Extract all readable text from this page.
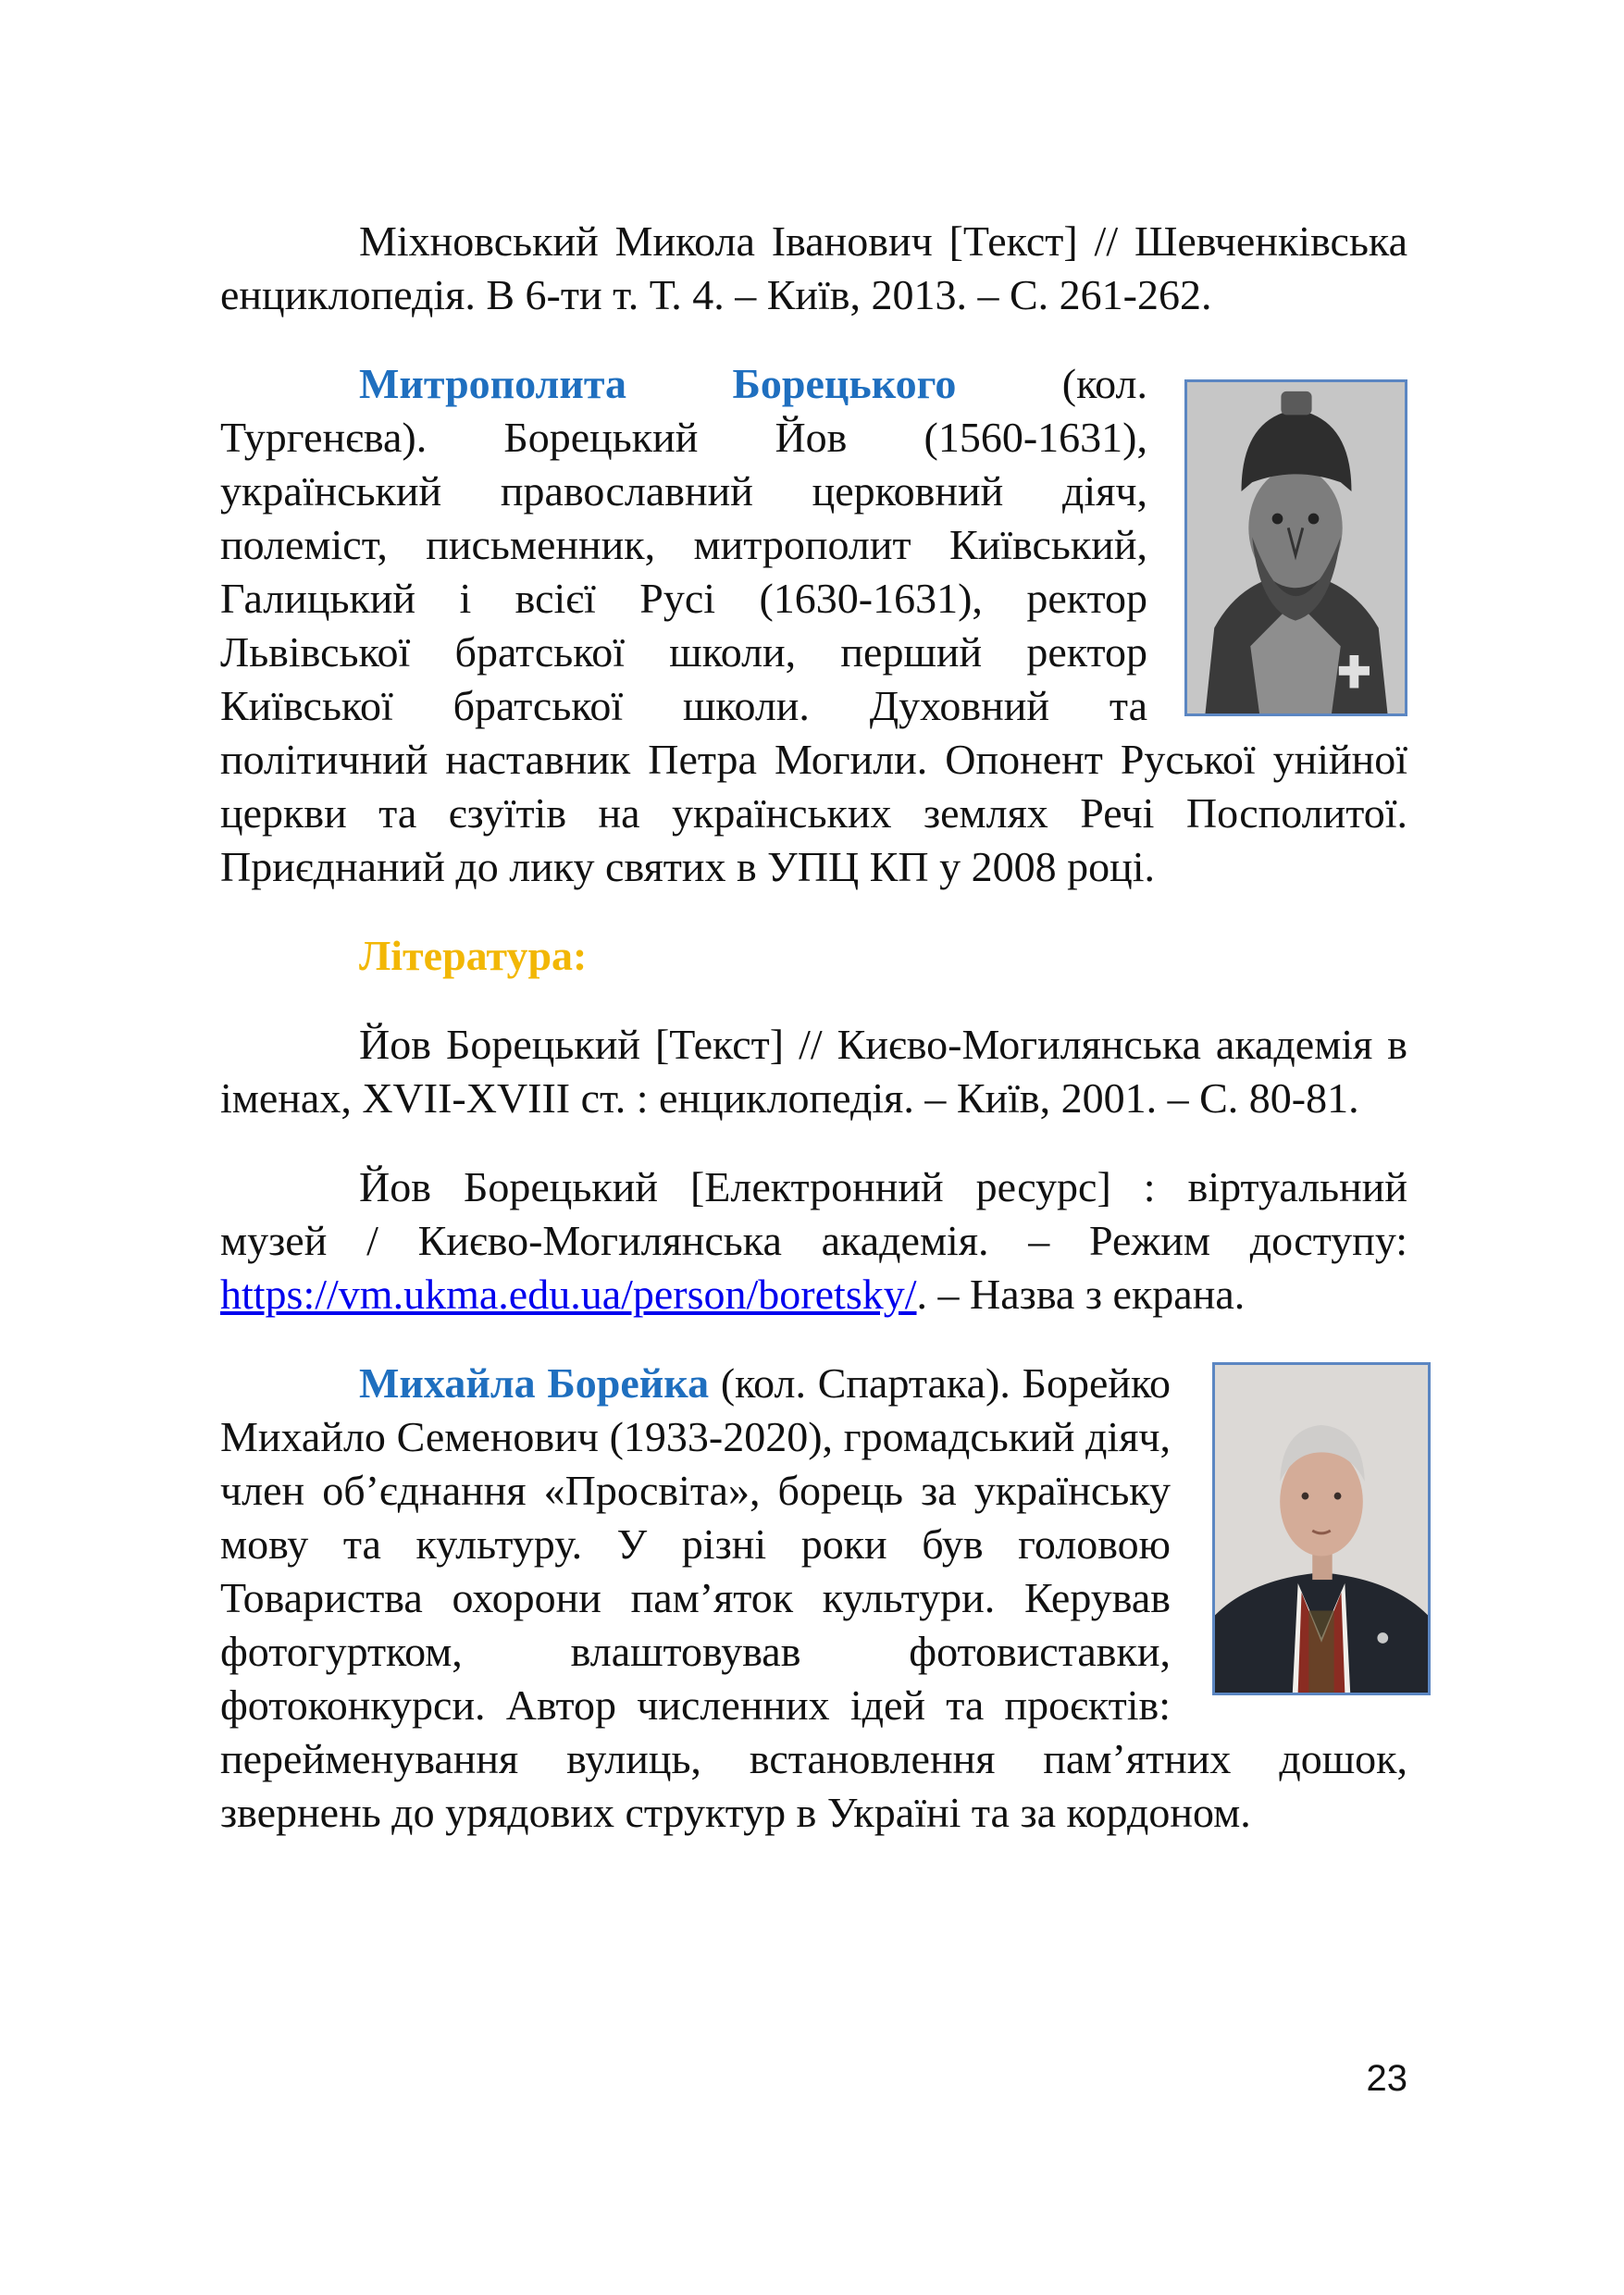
Міхновський Микола Іванович [Текст] // Шевченківська енциклопедія. В 6-ти т. Т. 4. – Київ, 2013. – С. 261-262.

Митрополита Борецького (кол. Тургенєва). Борецький Йов (1560-1631), український православний церковний діяч, полеміст, письменник, митрополит Київський, Галицький і всієї Русі (1630-1631), ректор Львівської братської школи, перший ректор Київської братської школи. Духовний та політичний наставник Петра Могили. Опонент Руської унійної церкви та єзуїтів на українських землях Речі Посполитої. Приєднаний до лику святих в УПЦ КП у 2008 році.

Література:

Йов Борецький [Текст] // Києво-Могилянська академія в іменах, XVII-XVIII ст. : енциклопедія. – Київ, 2001. – С. 80-81.

Йов Борецький [Електронний ресурс] : віртуальний музей / Києво-Могилянська академія. – Режим доступу: https://vm.ukma.edu.ua/person/boretsky/. – Назва з екрана.

Михайла Борейка (кол. Спартака). Борейко Михайло Семенович (1933-2020), громадський діяч, член об’єднання «Просвіта», борець за українську мову та культуру. У різні роки був головою Товариства охорони пам’яток культури. Керував фотогуртком, влаштовував фотовиставки, фотоконкурси. Автор численних ідей та проєктів: перейменування вулиць, встановлення пам’ятних дошок, звернень до урядових структур в Україні та за кордоном.

23
